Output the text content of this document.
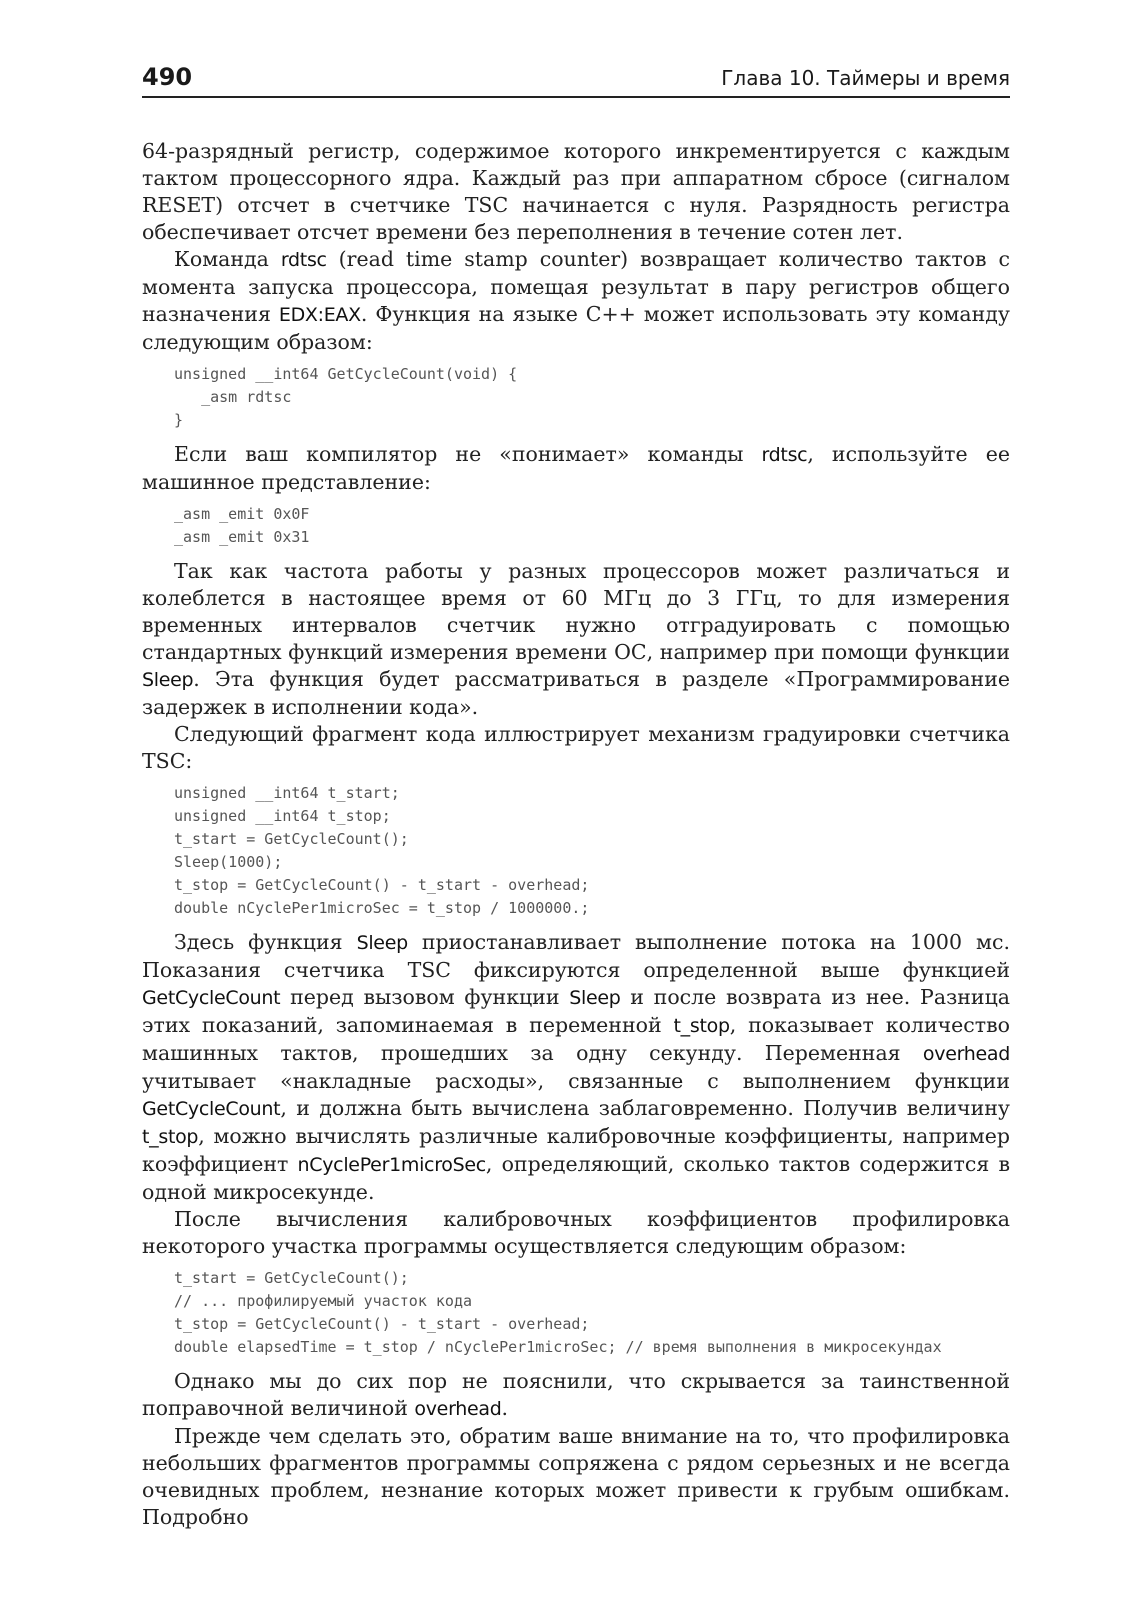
490	Глава 10. Таймеры и время

64-разрядный регистр, содержимое которого инкрементируется с каждым тактом процессорного ядра. Каждый раз при аппаратном сбросе (сигналом RESET) отсчет в счетчике TSC начинается с нуля. Разрядность регистра обеспечивает отсчет времени без переполнения в течение сотен лет.

Команда rdtsc (read time stamp counter) возвращает количество тактов с момента запуска процессора, помещая результат в пару регистров общего назначения EDX:EAX. Функция на языке C++ может использовать эту команду следующим образом:

unsigned __int64 GetCycleCount(void) {
_asm rdtsc
}

Если ваш компилятор не «понимает» команды rdtsc, используйте ее машинное представление:

_asm _emit 0x0F
_asm _emit 0x31

Так как частота работы у разных процессоров может различаться и колеблется в настоящее время от 60 МГц до 3 ГГц, то для измерения временных интервалов счетчик нужно отградуировать с помощью стандартных функций измерения времени ОС, например при помощи функции Sleep. Эта функция будет рассматриваться в разделе «Программирование задержек в исполнении кода».

Следующий фрагмент кода иллюстрирует механизм градуировки счетчика TSC:

unsigned __int64 t_start;
unsigned __int64 t_stop;
t_start = GetCycleCount();
Sleep(1000);
t_stop = GetCycleCount() - t_start - overhead;
double nCyclePer1microSec = t_stop / 1000000.;

Здесь функция Sleep приостанавливает выполнение потока на 1000 мс. Показания счетчика TSC фиксируются определенной выше функцией GetCycleCount перед вызовом функции Sleep и после возврата из нее. Разница этих показаний, запоминаемая в переменной t_stop, показывает количество машинных тактов, прошедших за одну секунду. Переменная overhead учитывает «накладные расходы», связанные с выполнением функции GetCycleCount, и должна быть вычислена заблаговременно. Получив величину t_stop, можно вычислять различные калибровочные коэффициенты, например коэффициент nCyclePer1microSec, определяющий, сколько тактов содержится в одной микросекунде.

После вычисления калибровочных коэффициентов профилировка некоторого участка программы осуществляется следующим образом:

t_start = GetCycleCount();
// ... профилируемый участок кода
t_stop = GetCycleCount() - t_start - overhead;
double elapsedTime = t_stop / nCyclePer1microSec; // время выполнения в микросекундах

Однако мы до сих пор не пояснили, что скрывается за таинственной поправочной величиной overhead.

Прежде чем сделать это, обратим ваше внимание на то, что профилировка небольших фрагментов программы сопряжена с рядом серьезных и не всегда очевидных проблем, незнание которых может привести к грубым ошибкам. Подробно
